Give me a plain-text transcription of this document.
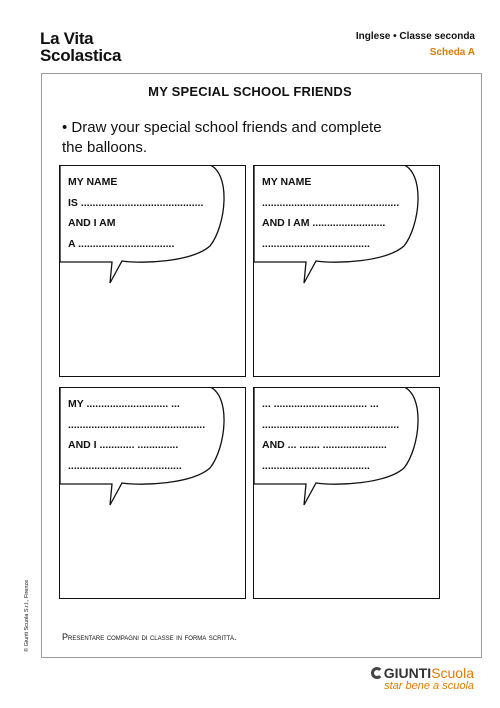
La Vita
Scolastica
Inglese • Classe seconda
Scheda A
MY SPECIAL SCHOOL FRIENDS
• Draw your special school friends and complete the balloons.
MY NAME
IS ..........................................
AND I AM
A .................................
MY NAME
...............................................
AND I AM .........................
.....................................
MY ............................ ...
...............................................
AND I ............ ..............
.......................................
... ................................ ...
...............................................
AND ... ....... ......................
.....................................
Presentare compagni di classe in forma scritta.
© Giunti Scuola S.r.l., Firenze
GIUNTIScuola
star bene a scuola
